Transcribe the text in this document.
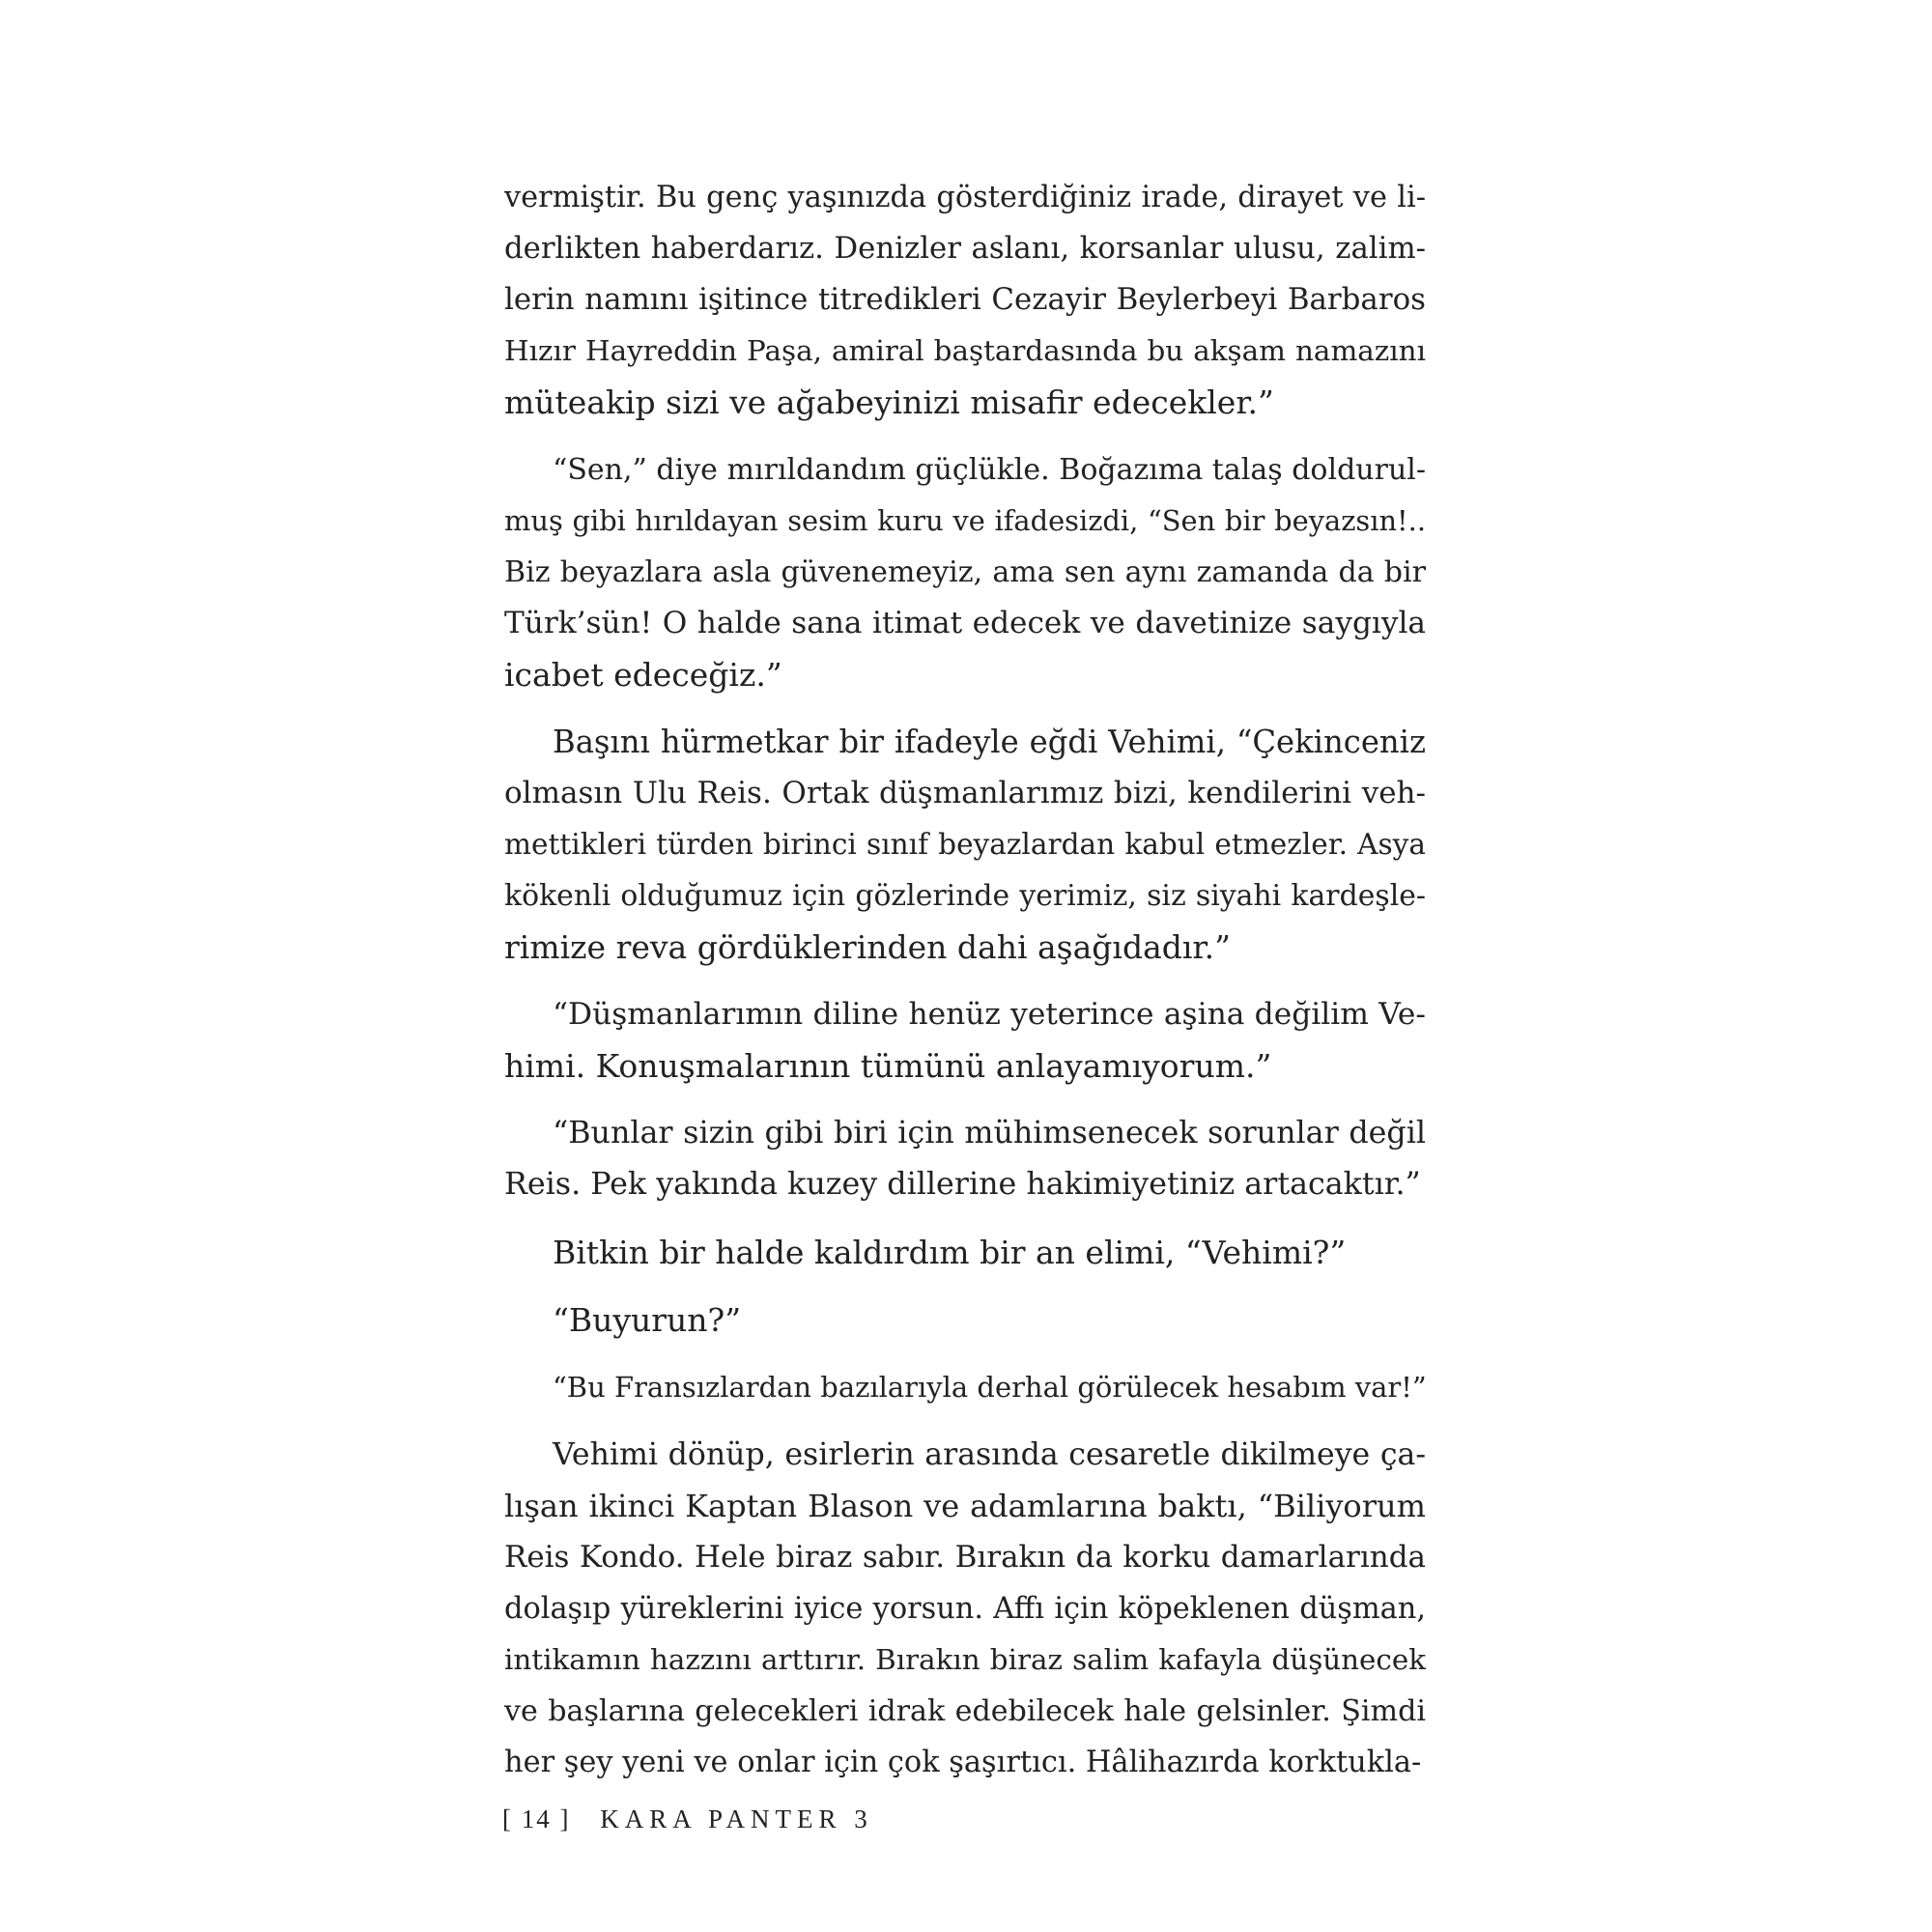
vermiştir. Bu genç yaşınızda gösterdiğiniz irade, dirayet ve li-
derlikten haberdarız. Denizler aslanı, korsanlar ulusu, zalim-
lerin namını işitince titredikleri Cezayir Beylerbeyi Barbaros
Hızır Hayreddin Paşa, amiral baştardasında bu akşam namazını
müteakip sizi ve ağabeyinizi misafir edecekler.”
“Sen,” diye mırıldandım güçlükle. Boğazıma talaş doldurul-
muş gibi hırıldayan sesim kuru ve ifadesizdi, “Sen bir beyazsın!..
Biz beyazlara asla güvenemeyiz, ama sen aynı zamanda da bir
Türk’sün! O halde sana itimat edecek ve davetinize saygıyla
icabet edeceğiz.”
Başını hürmetkar bir ifadeyle eğdi Vehimi, “Çekinceniz
olmasın Ulu Reis. Ortak düşmanlarımız bizi, kendilerini veh-
mettikleri türden birinci sınıf beyazlardan kabul etmezler. Asya
kökenli olduğumuz için gözlerinde yerimiz, siz siyahi kardeşle-
rimize reva gördüklerinden dahi aşağıdadır.”
“Düşmanlarımın diline henüz yeterince aşina değilim Ve-
himi. Konuşmalarının tümünü anlayamıyorum.”
“Bunlar sizin gibi biri için mühimsenecek sorunlar değil
Reis. Pek yakında kuzey dillerine hakimiyetiniz artacaktır.”
Bitkin bir halde kaldırdım bir an elimi, “Vehimi?”
“Buyurun?”
“Bu Fransızlardan bazılarıyla derhal görülecek hesabım var!”
Vehimi dönüp, esirlerin arasında cesaretle dikilmeye ça-
lışan ikinci Kaptan Blason ve adamlarına baktı, “Biliyorum
Reis Kondo. Hele biraz sabır. Bırakın da korku damarlarında
dolaşıp yüreklerini iyice yorsun. Affı için köpeklenen düşman,
intikamın hazzını arttırır. Bırakın biraz salim kafayla düşünecek
ve başlarına gelecekleri idrak edebilecek hale gelsinler. Şimdi
her şey yeni ve onlar için çok şaşırtıcı. Hâlihazırda korktukla-
[ 14 ] KARA PANTER 3
